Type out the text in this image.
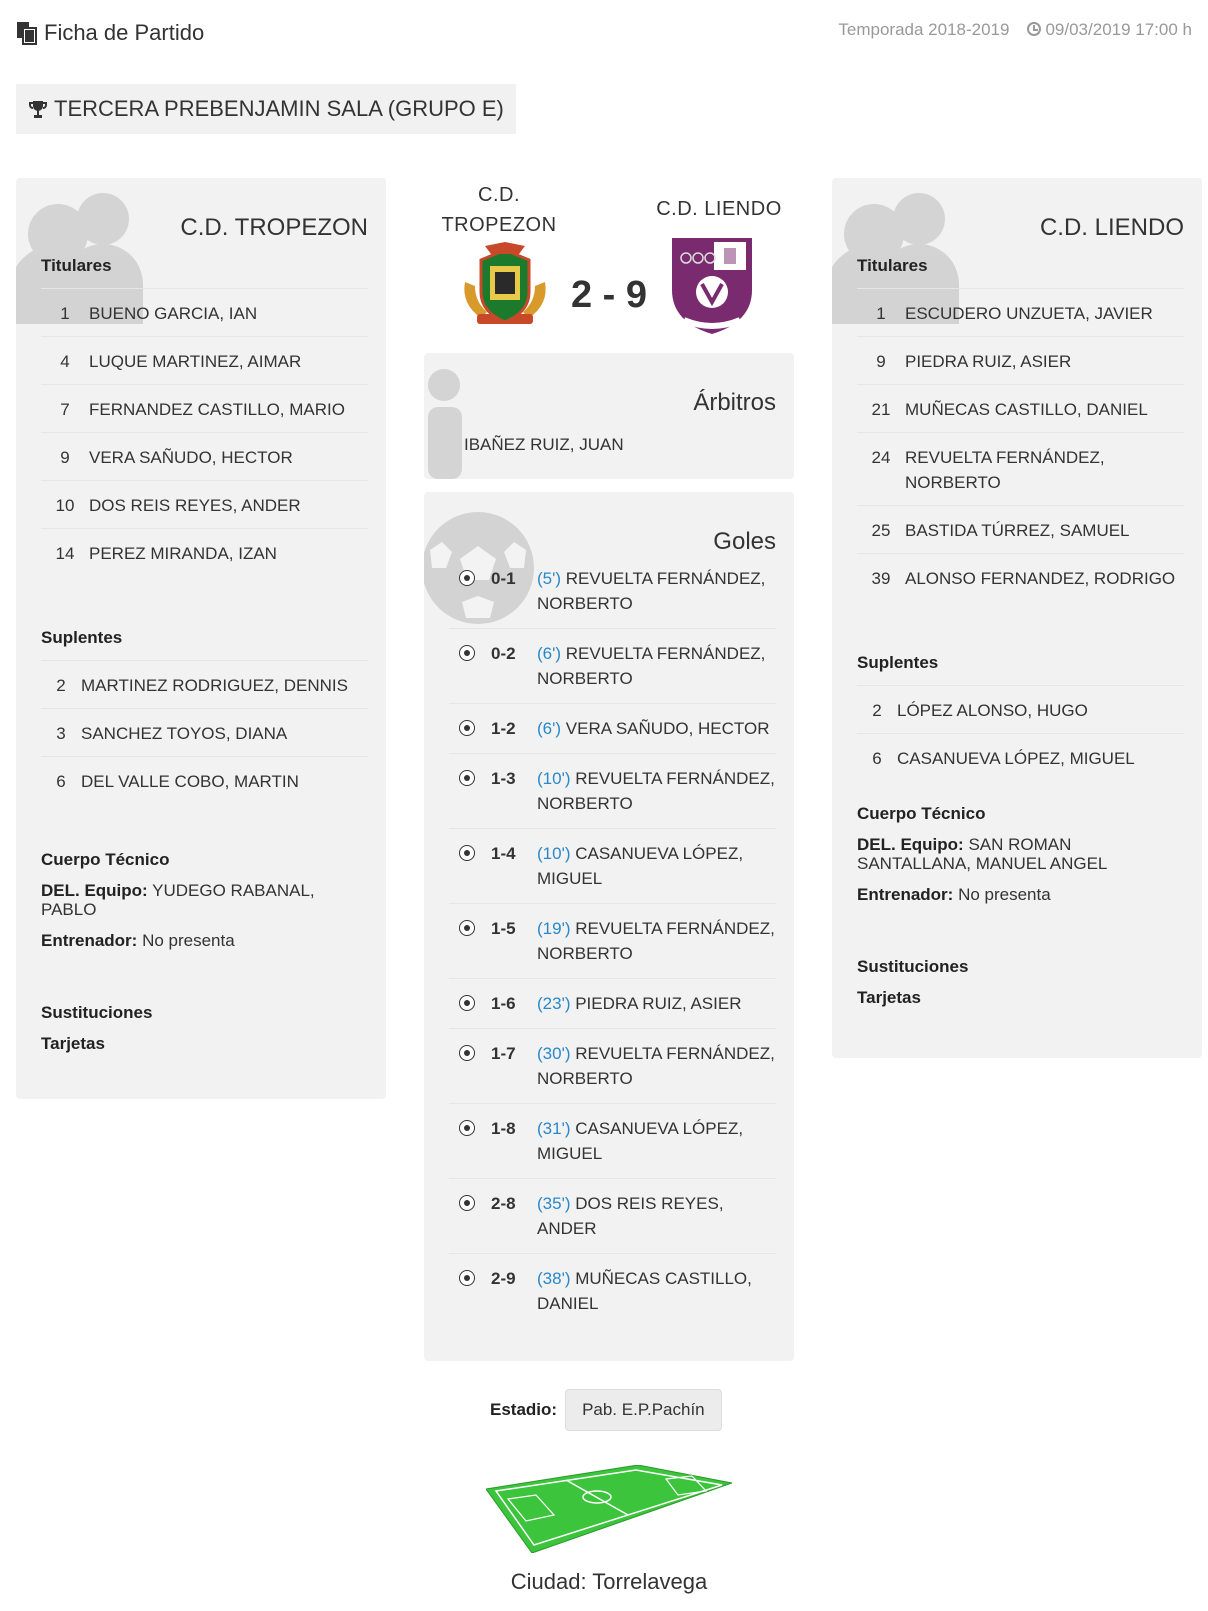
Ficha de Partido	Temporada 2018-2019	09/03/2019 17:00 h
TERCERA PREBENJAMIN SALA (GRUPO E)
C.D. TROPEZON
Titulares
1	BUENO GARCIA, IAN
4	LUQUE MARTINEZ, AIMAR
7	FERNANDEZ CASTILLO, MARIO
9	VERA SAÑUDO, HECTOR
10 DOS REIS REYES, ANDER
14 PEREZ MIRANDA, IZAN
Suplentes
2 MARTINEZ RODRIGUEZ, DENNIS
3 SANCHEZ TOYOS, DIANA
6 DEL VALLE COBO, MARTIN
Cuerpo Técnico
DEL. Equipo: YUDEGO RABANAL, PABLO
Entrenador: No presenta
Sustituciones
Tarjetas
C.D. TROPEZON
C.D. LIENDO
2 - 9
Árbitros
IBAÑEZ RUIZ, JUAN
Goles
0-1	(5') REVUELTA FERNÁNDEZ, NORBERTO
0-2	(6') REVUELTA FERNÁNDEZ, NORBERTO
1-2	(6') VERA SAÑUDO, HECTOR
1-3	(10') REVUELTA FERNÁNDEZ, NORBERTO
1-4	(10') CASANUEVA LÓPEZ, MIGUEL
1-5	(19') REVUELTA FERNÁNDEZ, NORBERTO
1-6	(23') PIEDRA RUIZ, ASIER
1-7	(30') REVUELTA FERNÁNDEZ, NORBERTO
1-8	(31') CASANUEVA LÓPEZ, MIGUEL
2-8	(35') DOS REIS REYES, ANDER
2-9	(38') MUÑECAS CASTILLO, DANIEL
C.D. LIENDO
Titulares
1	ESCUDERO UNZUETA, JAVIER
9	PIEDRA RUIZ, ASIER
21 MUÑECAS CASTILLO, DANIEL
24 REVUELTA FERNÁNDEZ, NORBERTO
25 BASTIDA TÚRREZ, SAMUEL
39 ALONSO FERNANDEZ, RODRIGO
Suplentes
2 LÓPEZ ALONSO, HUGO
6 CASANUEVA LÓPEZ, MIGUEL
Cuerpo Técnico
DEL. Equipo: SAN ROMAN SANTALLANA, MANUEL ANGEL
Entrenador: No presenta
Sustituciones
Tarjetas
Estadio:	Pab. E.P.Pachín
Ciudad: Torrelavega
